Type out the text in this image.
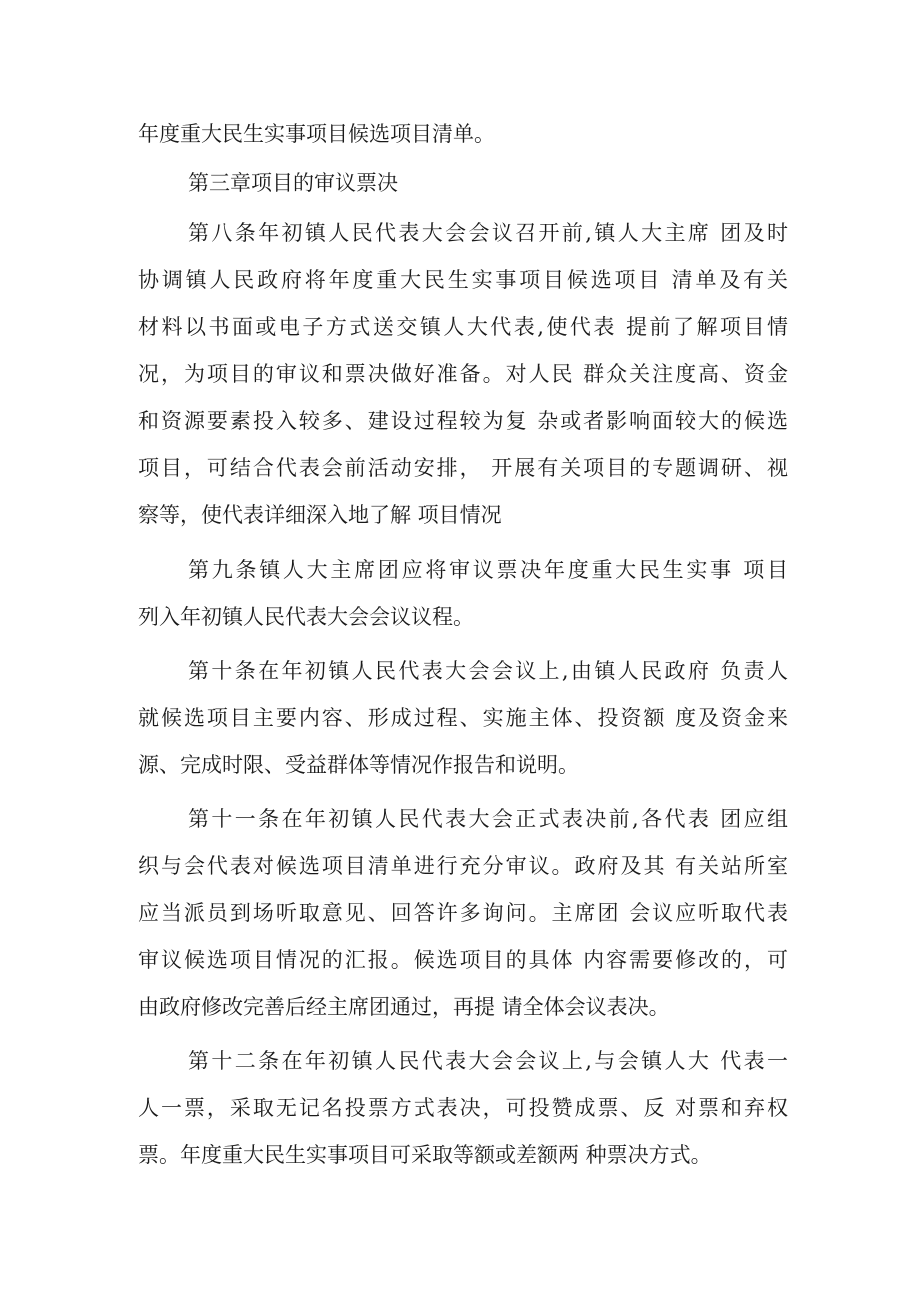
年度重大民生实事项目候选项目清单。
第三章项目的审议票决
第八条年初镇人民代表大会会议召开前,镇人大主席 团及时
协调镇人民政府将年度重大民生实事项目候选项目 清单及有关
材料以书面或电子方式送交镇人大代表,使代表 提前了解项目情
况，为项目的审议和票决做好准备。对人民 群众关注度高、资金
和资源要素投入较多、建设过程较为复 杂或者影响面较大的候选
项目，可结合代表会前活动安排， 开展有关项目的专题调研、视
察等，使代表详细深入地了解 项目情况
第九条镇人大主席团应将审议票决年度重大民生实事 项目
列入年初镇人民代表大会会议议程。
第十条在年初镇人民代表大会会议上,由镇人民政府 负责人
就候选项目主要内容、形成过程、实施主体、投资额 度及资金来
源、完成时限、受益群体等情况作报告和说明。
第十一条在年初镇人民代表大会正式表决前,各代表 团应组
织与会代表对候选项目清单进行充分审议。政府及其 有关站所室
应当派员到场听取意见、回答许多询问。主席团 会议应听取代表
审议候选项目情况的汇报。候选项目的具体 内容需要修改的，可
由政府修改完善后经主席团通过，再提 请全体会议表决。
第十二条在年初镇人民代表大会会议上,与会镇人大 代表一
人一票，采取无记名投票方式表决，可投赞成票、反 对票和弃权
票。年度重大民生实事项目可采取等额或差额两 种票决方式。
